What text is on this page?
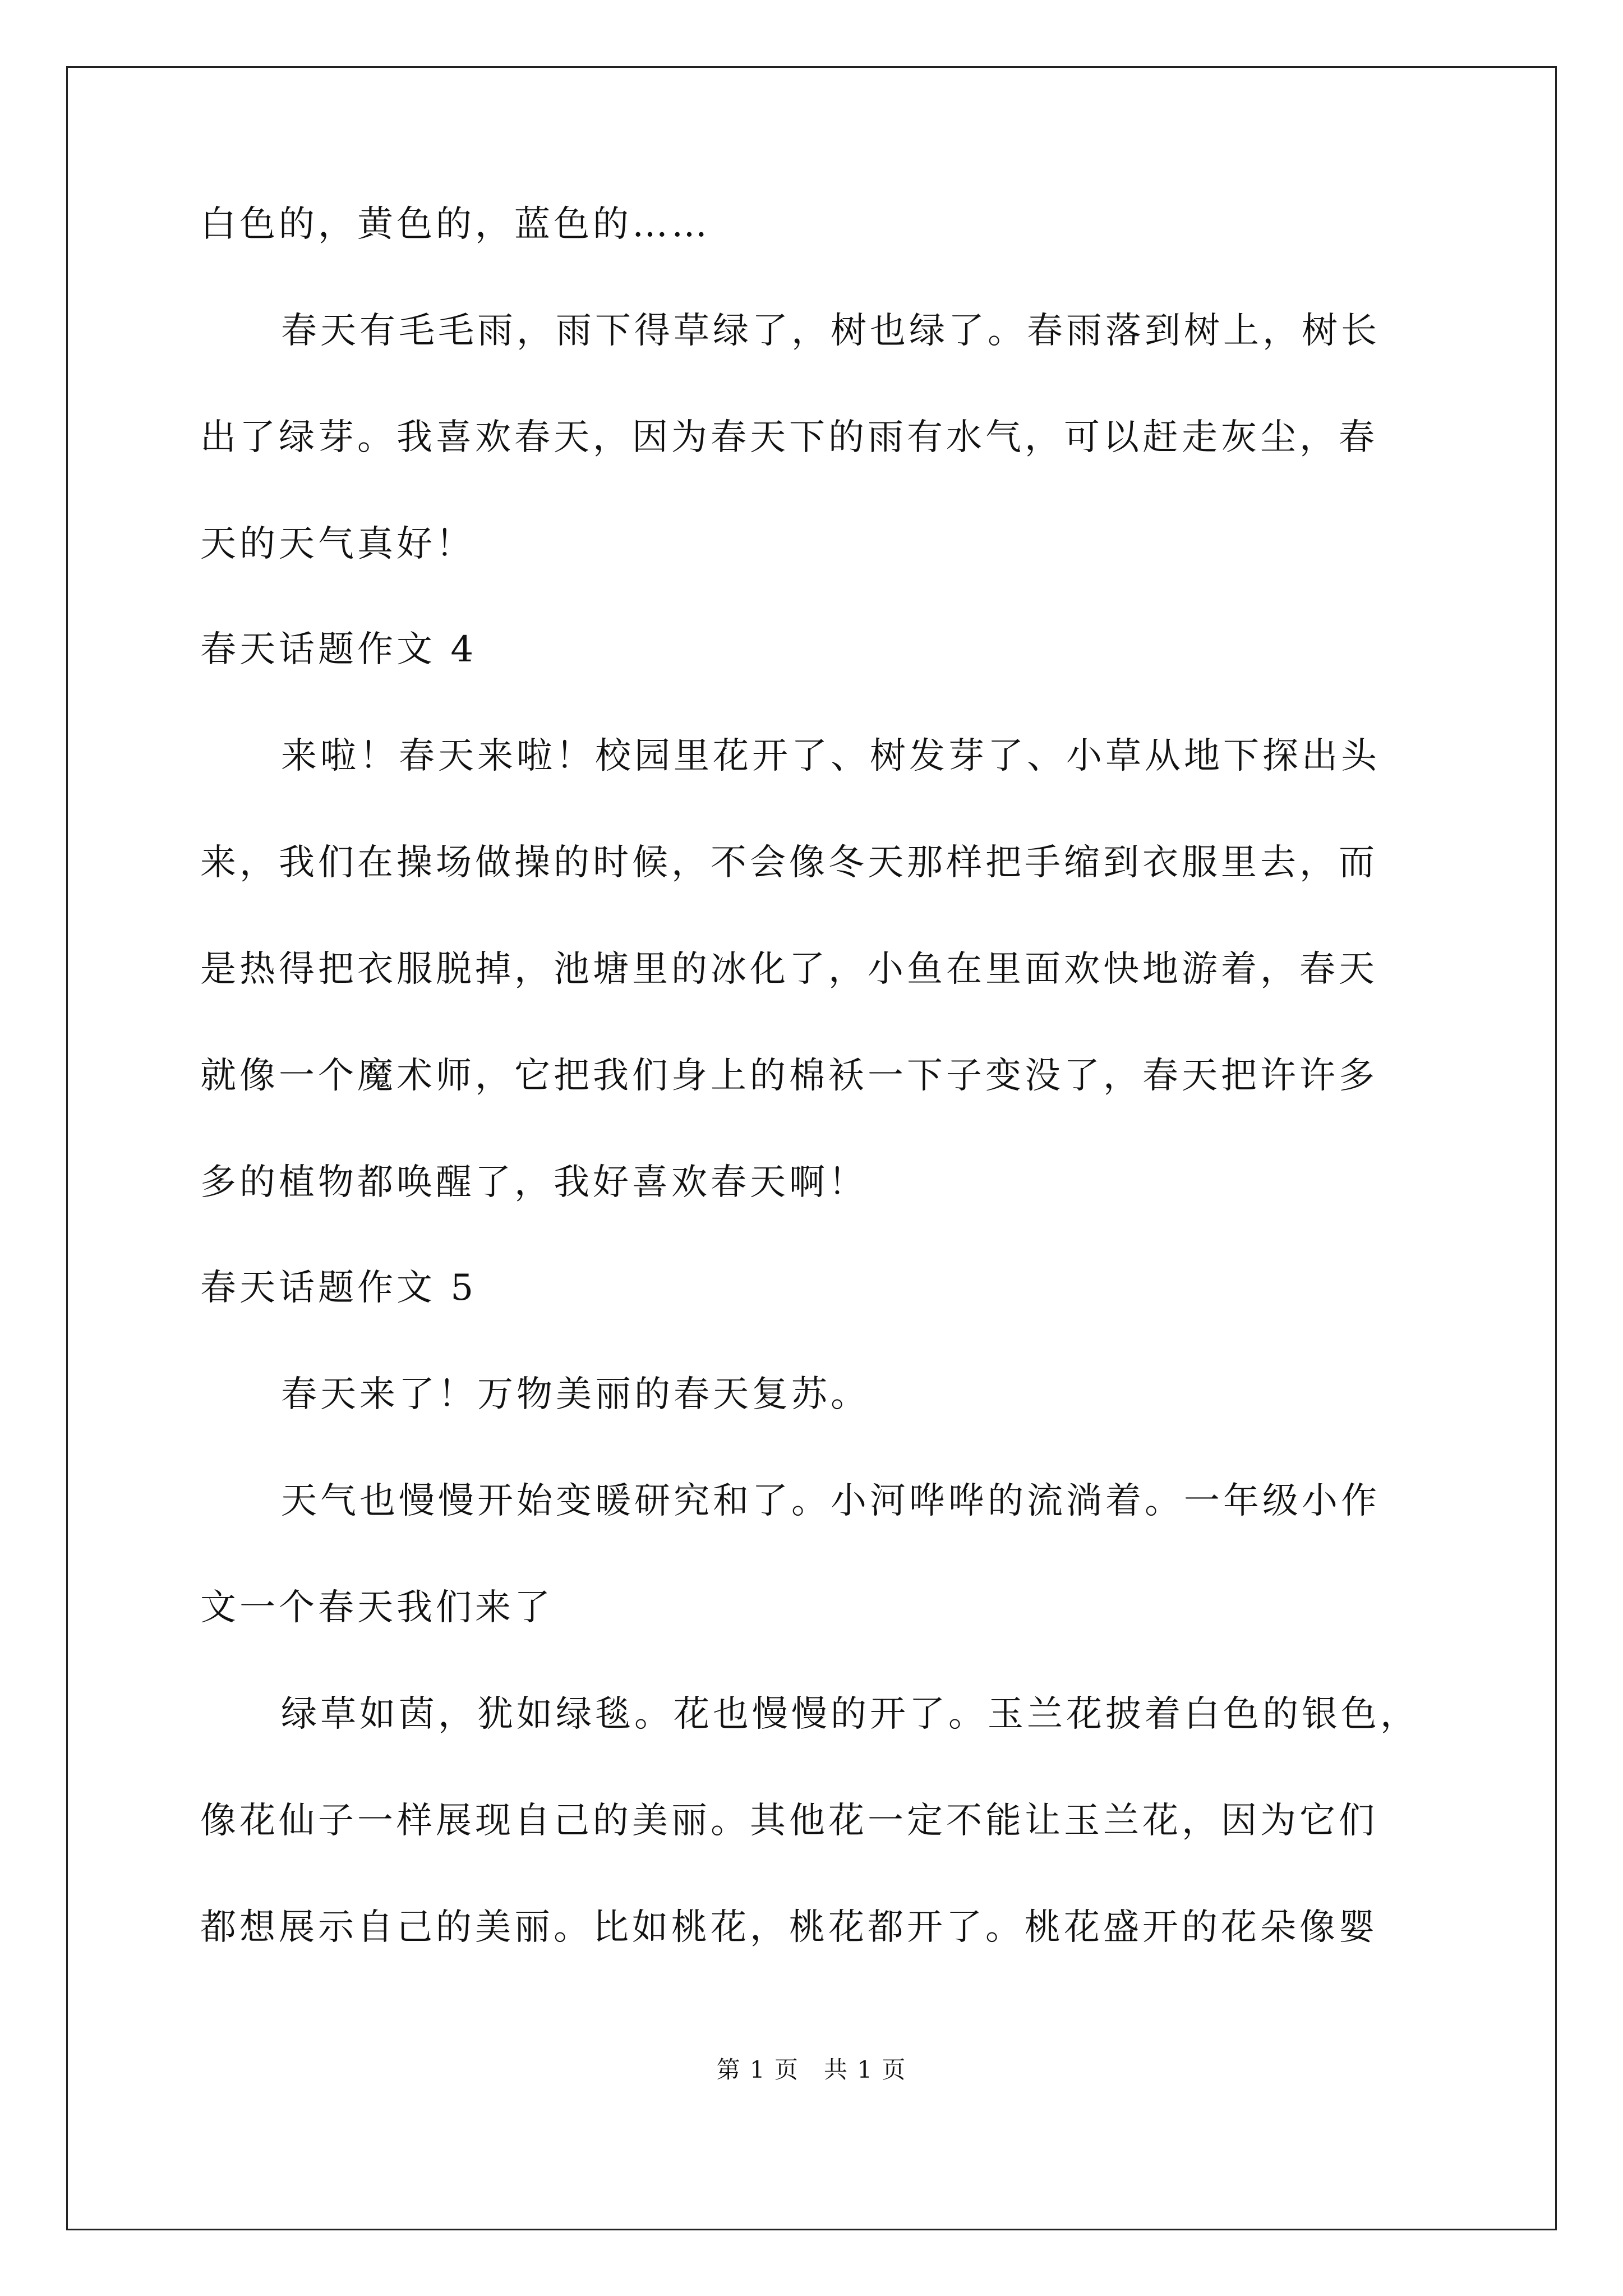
白色的，黄色的，蓝色的……
春天有毛毛雨，雨下得草绿了，树也绿了。春雨落到树上，树长
出了绿芽。我喜欢春天，因为春天下的雨有水气，可以赶走灰尘，春
天的天气真好！
春天话题作文 4
来啦！春天来啦！校园里花开了、树发芽了、小草从地下探出头
来，我们在操场做操的时候，不会像冬天那样把手缩到衣服里去，而
是热得把衣服脱掉，池塘里的冰化了，小鱼在里面欢快地游着，春天
就像一个魔术师，它把我们身上的棉袄一下子变没了，春天把许许多
多的植物都唤醒了，我好喜欢春天啊！
春天话题作文 5
春天来了！万物美丽的春天复苏。
天气也慢慢开始变暖研究和了。小河哗哗的流淌着。一年级小作
文一个春天我们来了
绿草如茵，犹如绿毯。花也慢慢的开了。玉兰花披着白色的银色，
像花仙子一样展现自己的美丽。其他花一定不能让玉兰花，因为它们
都想展示自己的美丽。比如桃花，桃花都开了。桃花盛开的花朵像婴
第 1 页　共 1 页
